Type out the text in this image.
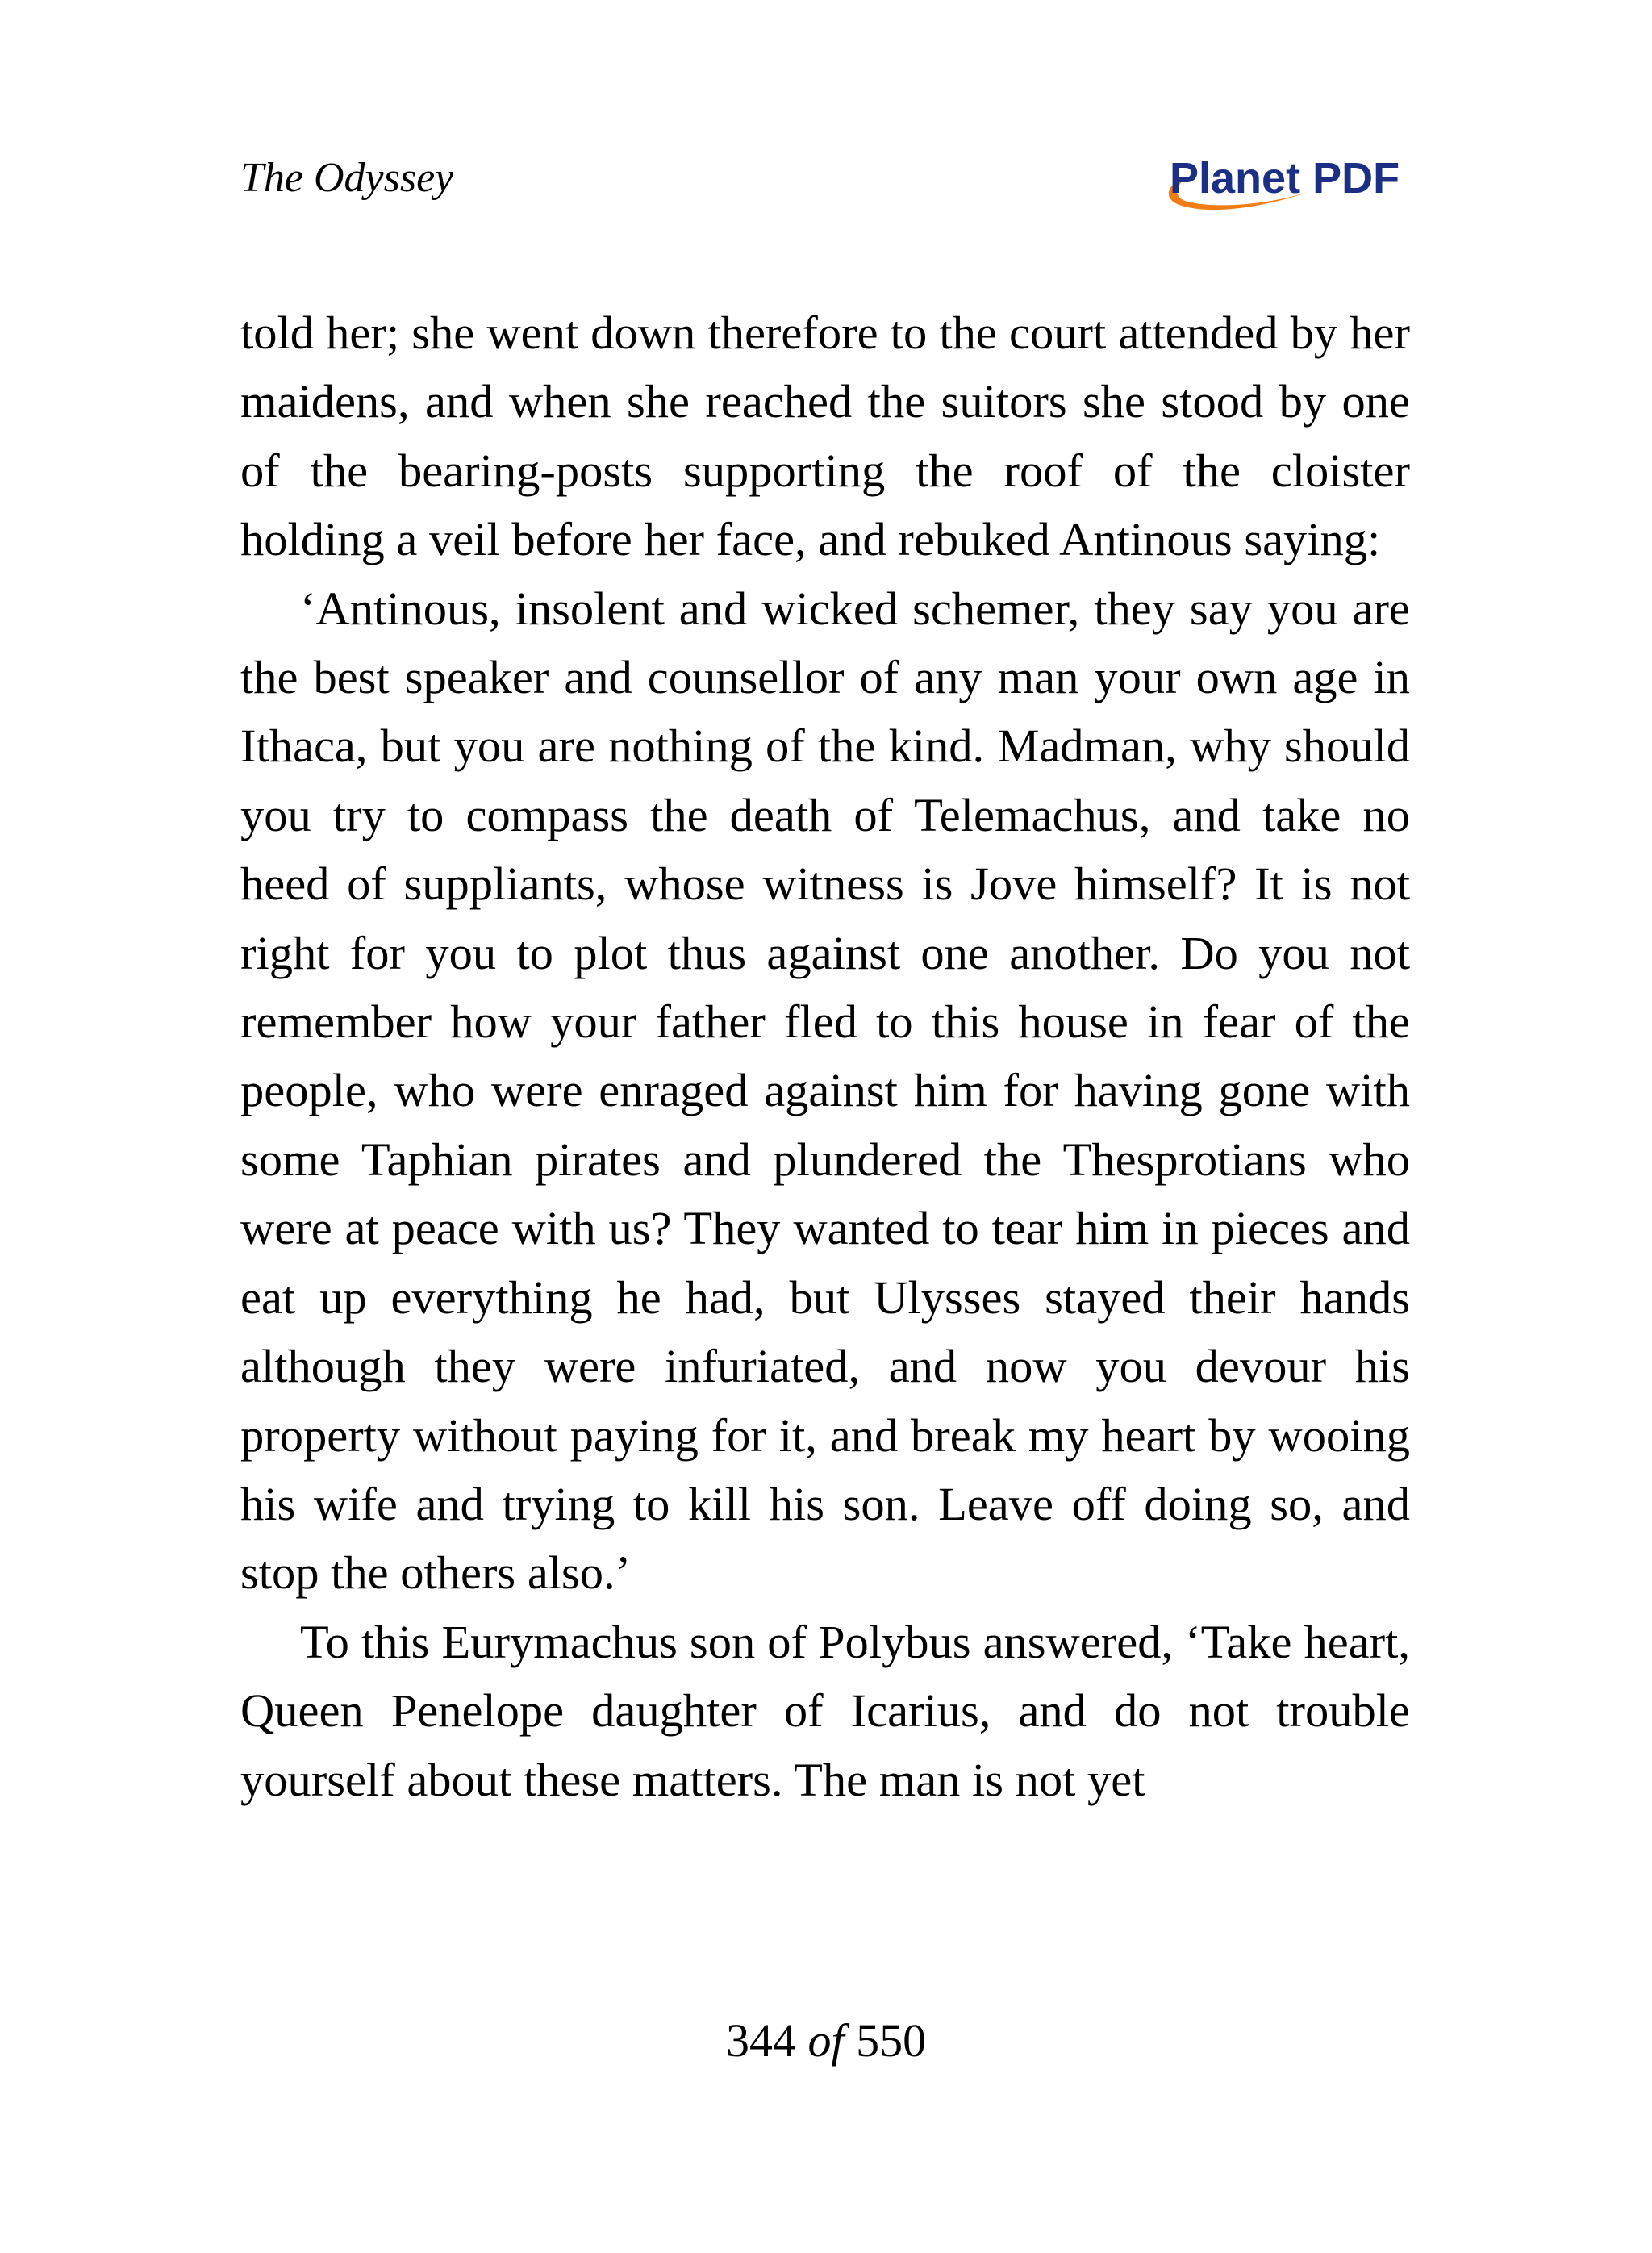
The Odyssey	Planet PDF

told her; she went down therefore to the court attended by her maidens, and when she reached the suitors she stood by one of the bearing-posts supporting the roof of the cloister holding a veil before her face, and rebuked Antinous saying:

‘Antinous, insolent and wicked schemer, they say you are the best speaker and counsellor of any man your own age in Ithaca, but you are nothing of the kind. Madman, why should you try to compass the death of Telemachus, and take no heed of suppliants, whose witness is Jove himself? It is not right for you to plot thus against one another. Do you not remember how your father fled to this house in fear of the people, who were enraged against him for having gone with some Taphian pirates and plundered the Thesprotians who were at peace with us? They wanted to tear him in pieces and eat up everything he had, but Ulysses stayed their hands although they were infuriated, and now you devour his property without paying for it, and break my heart by wooing his wife and trying to kill his son. Leave off doing so, and stop the others also.’

To this Eurymachus son of Polybus answered, ‘Take heart, Queen Penelope daughter of Icarius, and do not trouble yourself about these matters. The man is not yet

344 of 550
